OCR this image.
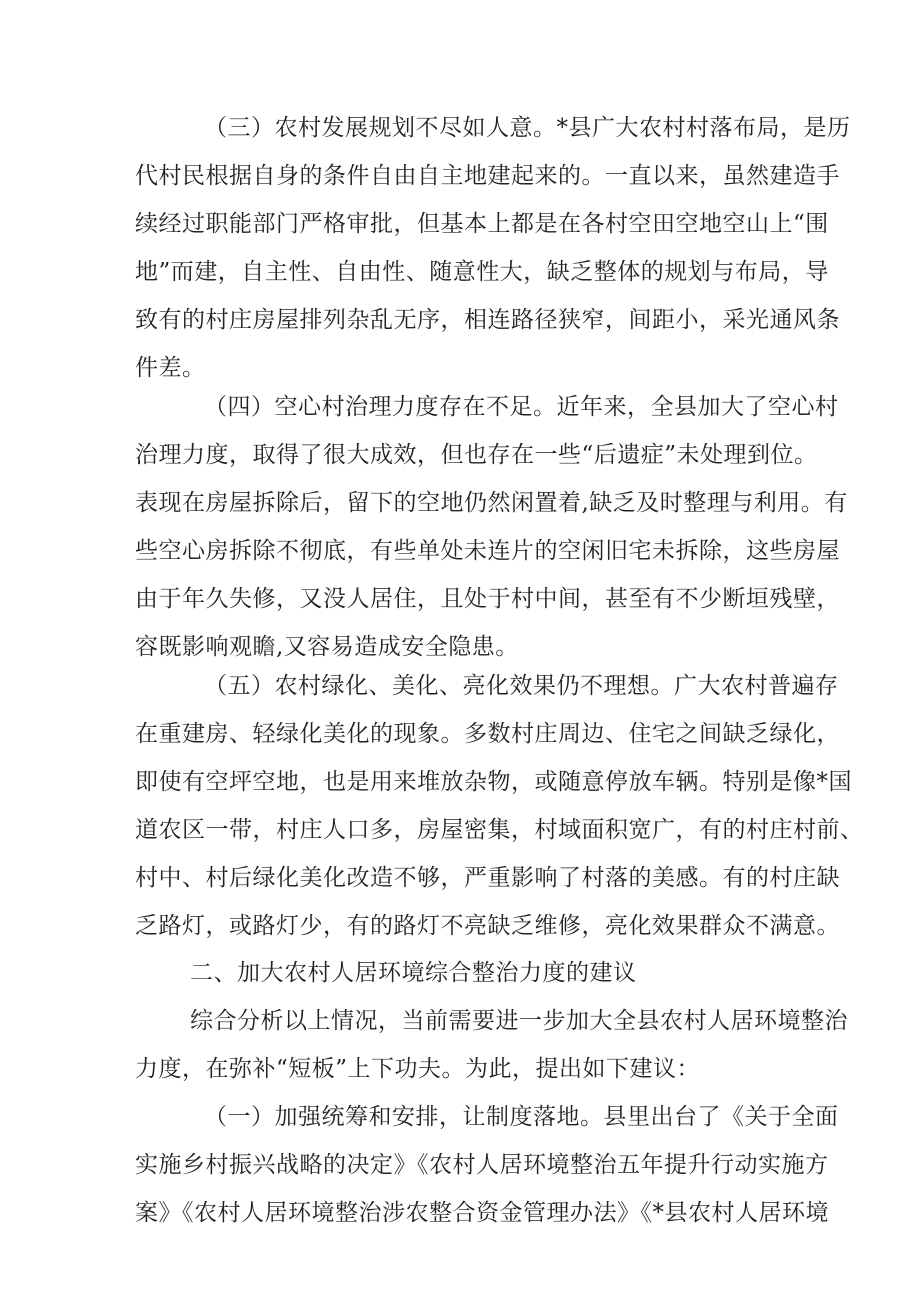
（三）农村发展规划不尽如人意。*县广大农村村落布局，是历
代村民根据自身的条件自由自主地建起来的。一直以来，虽然建造手
续经过职能部门严格审批，但基本上都是在各村空田空地空山上“围
地”而建，自主性、自由性、随意性大，缺乏整体的规划与布局，导
致有的村庄房屋排列杂乱无序，相连路径狭窄，间距小，采光通风条
件差。
（四）空心村治理力度存在不足。近年来，全县加大了空心村
治理力度，取得了很大成效，但也存在一些“后遗症”未处理到位。
表现在房屋拆除后，留下的空地仍然闲置着,缺乏及时整理与利用。有
些空心房拆除不彻底，有些单处未连片的空闲旧宅未拆除，这些房屋
由于年久失修，又没人居住，且处于村中间，甚至有不少断垣残壁，
容既影响观瞻,又容易造成安全隐患。
（五）农村绿化、美化、亮化效果仍不理想。广大农村普遍存
在重建房、轻绿化美化的现象。多数村庄周边、住宅之间缺乏绿化，
即使有空坪空地，也是用来堆放杂物，或随意停放车辆。特别是像*国
道农区一带，村庄人口多，房屋密集，村域面积宽广，有的村庄村前、
村中、村后绿化美化改造不够，严重影响了村落的美感。有的村庄缺
乏路灯，或路灯少，有的路灯不亮缺乏维修，亮化效果群众不满意。
二、加大农村人居环境综合整治力度的建议
综合分析以上情况，当前需要进一步加大全县农村人居环境整治
力度，在弥补“短板”上下功夫。为此，提出如下建议：
（一）加强统筹和安排，让制度落地。县里出台了《关于全面
实施乡村振兴战略的决定》《农村人居环境整治五年提升行动实施方
案》《农村人居环境整治涉农整合资金管理办法》《*县农村人居环境
